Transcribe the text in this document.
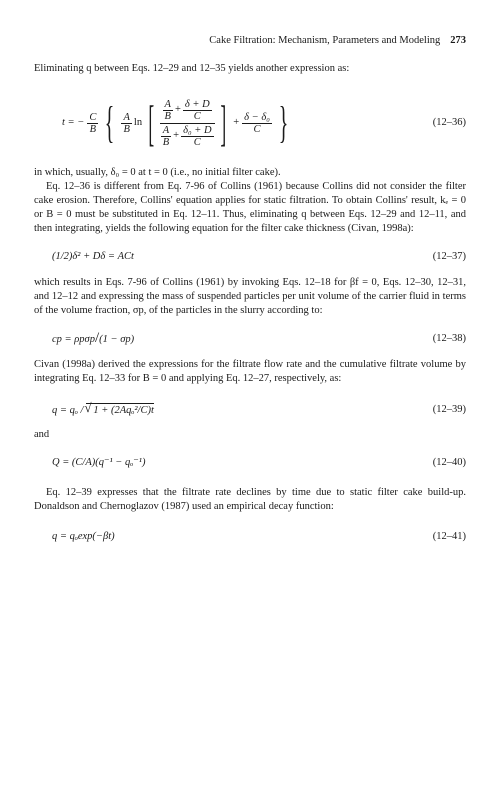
Cake Filtration: Mechanism, Parameters and Modeling 273

Eliminating q between Eqs. 12–29 and 12–35 yields another expression as:

t = − $\frac{C}{B}$ { $\frac{A}{B}$ ln [ $\frac{A}{B} + \frac{\delta + D}{C}$
$\frac{A}{B} + \frac{\text{δ₀ + D}}{C}$ ] + $\frac{\text{δ − δ₀}}{C}$ }	(12–36)

in which, usually, δ₀ = 0 at t = 0 (i.e., no initial filter cake).

Eq. 12–36 is different from Eq. 7-96 of Collins (1961) because Collins did not consider the filter cake erosion. Therefore, Collins' equation applies for static filtration. To obtain Collins' result, kₑ = 0 or B = 0 must be substituted in Eq. 12–11. Thus, eliminating q between Eqs. 12–29 and 12–11, and then integrating, yields the following equation for the filter cake thickness (Civan, 1998a):

(1/2)δ² + Dδ = ACt	(12–37)

which results in Eqs. 7-96 of Collins (1961) by invoking Eqs. 12–18 for βf = 0, Eqs. 12–30, 12–31, and 12–12 and expressing the mass of suspended particles per unit volume of the carrier fluid in terms of the volume fraction, σp, of the particles in the slurry according to:

cp = ρpσp/(1 − σp)	(12–38)

Civan (1998a) derived the expressions for the filtrate flow rate and the cumulative filtrate volume by integrating Eq. 12–33 for B = 0 and applying Eq. 12–27, respectively, as:

q = qₒ /√ 1 + (2Aqₒ²/C)t	(12–39)

and

Q = (C/A)(q⁻¹ − qₒ⁻¹)	(12–40)

Eq. 12–39 expresses that the filtrate rate declines by time due to static filter cake build-up. Donaldson and Chernoglazov (1987) used an empirical decay function:

q = qₒexp(−βt)	(12–41)
